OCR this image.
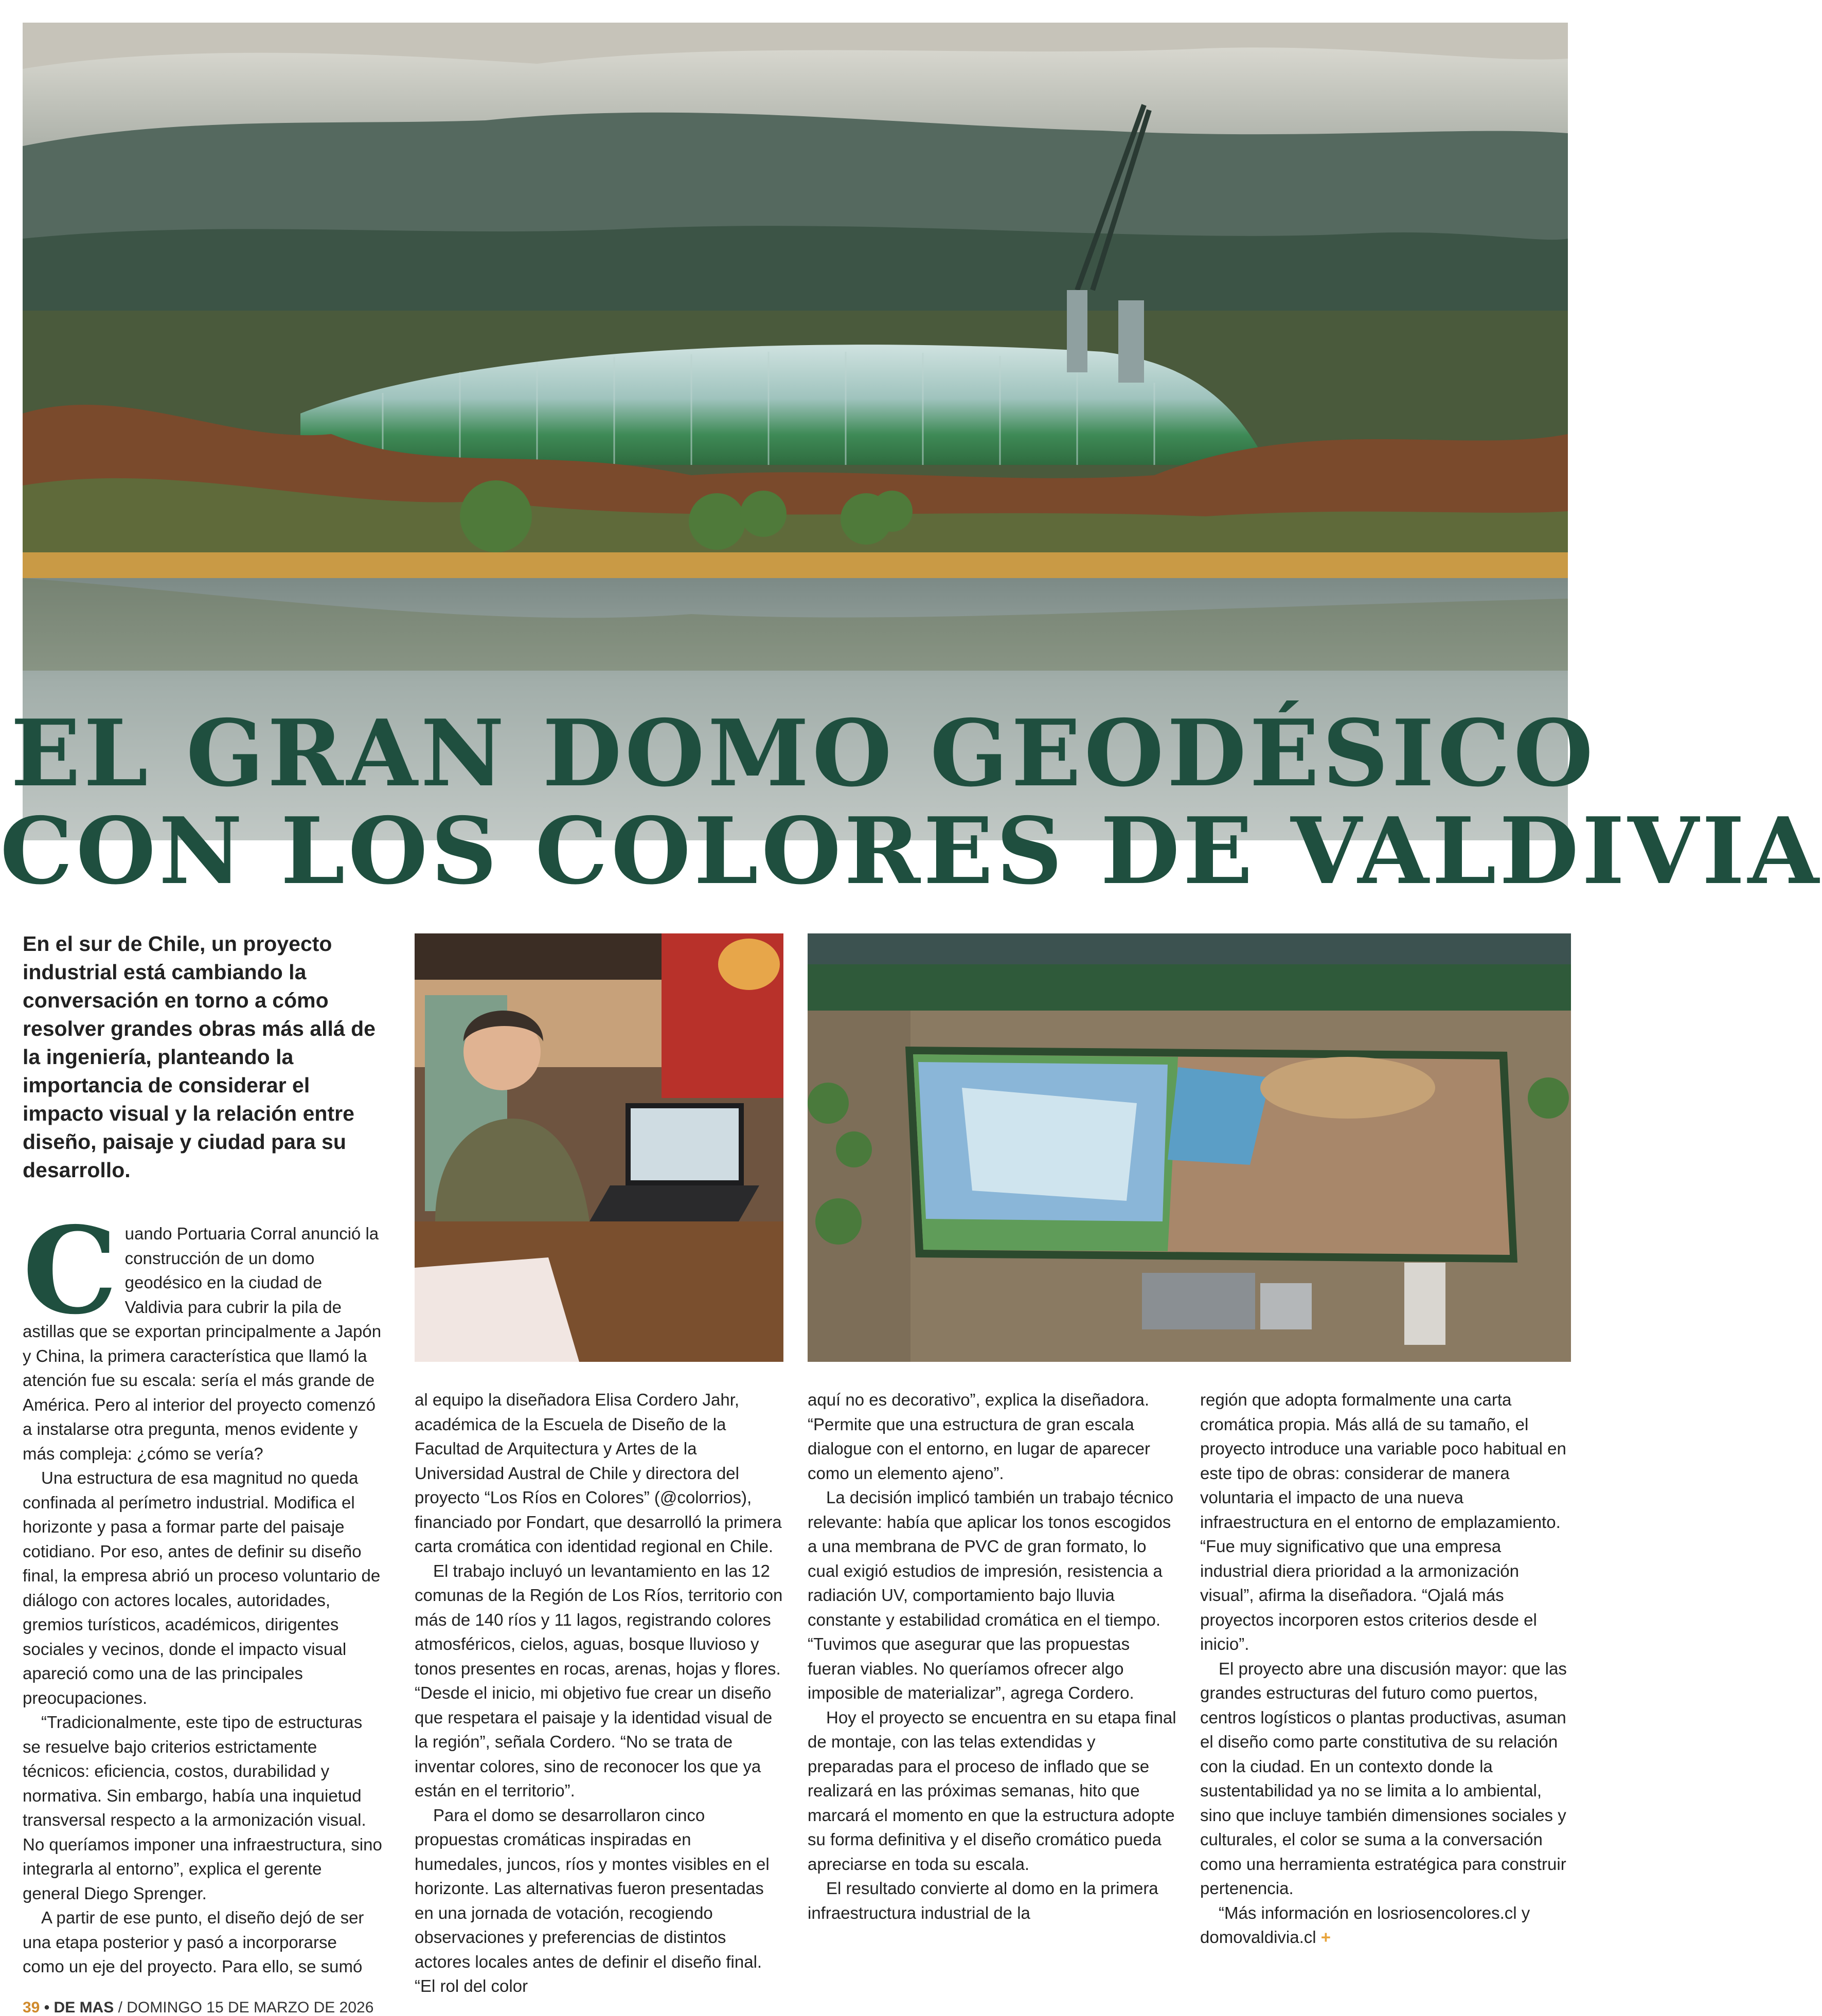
EL GRAN DOMO GEODÉSICO
CON LOS COLORES DE VALDIVIA

En el sur de Chile, un proyecto industrial está cambiando la conversación en torno a cómo resolver grandes obras más allá de la ingeniería, planteando la importancia de considerar el impacto visual y la relación entre diseño, paisaje y ciudad para su desarrollo.

Cuando Portuaria Corral anunció la construcción de un domo geodésico en la ciudad de Valdivia para cubrir la pila de astillas que se exportan principalmente a Japón y China, la primera característica que llamó la atención fue su escala: sería el más grande de América. Pero al interior del proyecto comenzó a instalarse otra pregunta, menos evidente y más compleja: ¿cómo se vería?

Una estructura de esa magnitud no queda confinada al perímetro industrial. Modifica el horizonte y pasa a formar parte del paisaje cotidiano. Por eso, antes de definir su diseño final, la empresa abrió un proceso voluntario de diálogo con actores locales, autoridades, gremios turísticos, académicos, dirigentes sociales y vecinos, donde el impacto visual apareció como una de las principales preocupaciones.

“Tradicionalmente, este tipo de estructuras se resuelve bajo criterios estrictamente técnicos: eficiencia, costos, durabilidad y normativa. Sin embargo, había una inquietud transversal respecto a la armonización visual. No queríamos imponer una infraestructura, sino integrarla al entorno”, explica el gerente general Diego Sprenger.

A partir de ese punto, el diseño dejó de ser una etapa posterior y pasó a incorporarse como un eje del proyecto. Para ello, se sumó

al equipo la diseñadora Elisa Cordero Jahr, académica de la Escuela de Diseño de la Facultad de Arquitectura y Artes de la Universidad Austral de Chile y directora del proyecto “Los Ríos en Colores” (@colorrios), financiado por Fondart, que desarrolló la primera carta cromática con identidad regional en Chile.

El trabajo incluyó un levantamiento en las 12 comunas de la Región de Los Ríos, territorio con más de 140 ríos y 11 lagos, registrando colores atmosféricos, cielos, aguas, bosque lluvioso y tonos presentes en rocas, arenas, hojas y flores. “Desde el inicio, mi objetivo fue crear un diseño que respetara el paisaje y la identidad visual de la región”, señala Cordero. “No se trata de inventar colores, sino de reconocer los que ya están en el territorio”.

Para el domo se desarrollaron cinco propuestas cromáticas inspiradas en humedales, juncos, ríos y montes visibles en el horizonte. Las alternativas fueron presentadas en una jornada de votación, recogiendo observaciones y preferencias de distintos actores locales antes de definir el diseño final. “El rol del color

aquí no es decorativo”, explica la diseñadora. “Permite que una estructura de gran escala dialogue con el entorno, en lugar de aparecer como un elemento ajeno”.

La decisión implicó también un trabajo técnico relevante: había que aplicar los tonos escogidos a una membrana de PVC de gran formato, lo cual exigió estudios de impresión, resistencia a radiación UV, comportamiento bajo lluvia constante y estabilidad cromática en el tiempo. “Tuvimos que asegurar que las propuestas fueran viables. No queríamos ofrecer algo imposible de materializar”, agrega Cordero.

Hoy el proyecto se encuentra en su etapa final de montaje, con las telas extendidas y preparadas para el proceso de inflado que se realizará en las próximas semanas, hito que marcará el momento en que la estructura adopte su forma definitiva y el diseño cromático pueda apreciarse en toda su escala.

El resultado convierte al domo en la primera infraestructura industrial de la

región que adopta formalmente una carta cromática propia. Más allá de su tamaño, el proyecto introduce una variable poco habitual en este tipo de obras: considerar de manera voluntaria el impacto de una nueva infraestructura en el entorno de emplazamiento. “Fue muy significativo que una empresa industrial diera prioridad a la armonización visual”, afirma la diseñadora. “Ojalá más proyectos incorporen estos criterios desde el inicio”.

El proyecto abre una discusión mayor: que las grandes estructuras del futuro como puertos, centros logísticos o plantas productivas, asuman el diseño como parte constitutiva de su relación con la ciudad. En un contexto donde la sustentabilidad ya no se limita a lo ambiental, sino que incluye también dimensiones sociales y culturales, el color se suma a la conversación como una herramienta estratégica para construir pertenencia.

“Más información en losriosencolores.cl y domovaldivia.cl +

39 • DE MAS / DOMINGO 15 DE MARZO DE 2026
